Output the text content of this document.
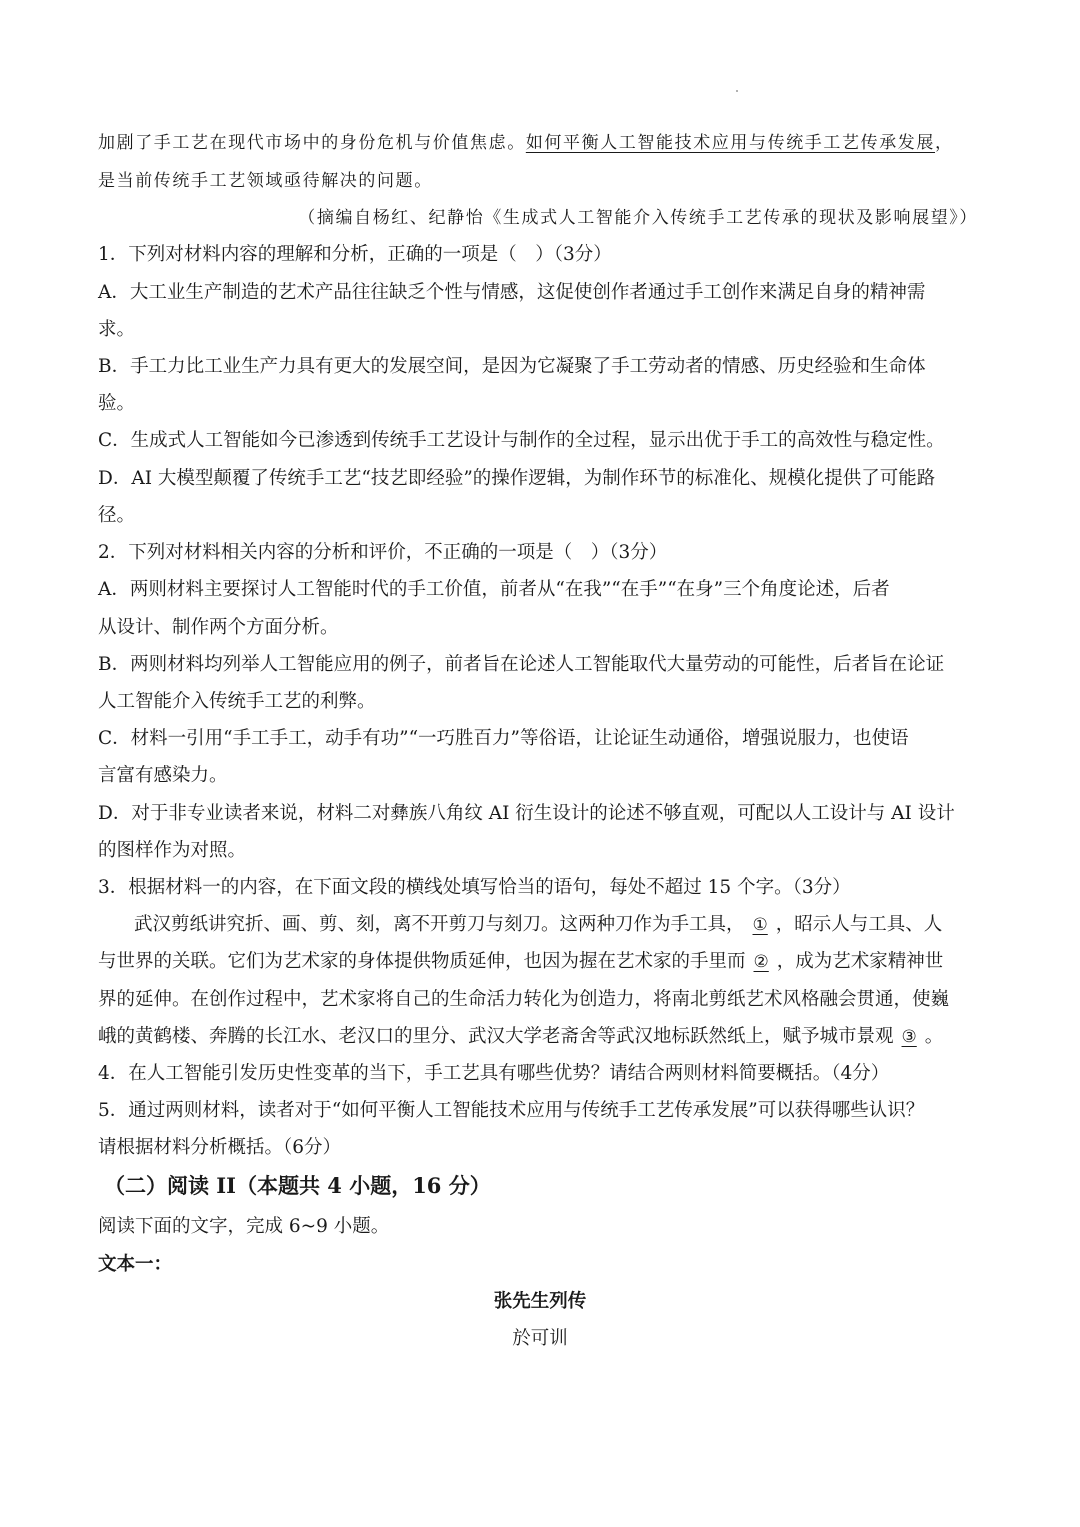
加剧了手工艺在现代市场中的身份危机与价值焦虑。如何平衡人工智能技术应用与传统手工艺传承发展，
是当前传统手工艺领域亟待解决的问题。
（摘编自杨红、纪静怡《生成式人工智能介入传统手工艺传承的现状及影响展望》）
1．下列对材料内容的理解和分析，正确的一项是（　）（3分）
A．大工业生产制造的艺术产品往往缺乏个性与情感，这促使创作者通过手工创作来满足自身的精神需
求。
B．手工力比工业生产力具有更大的发展空间，是因为它凝聚了手工劳动者的情感、历史经验和生命体
验。
C．生成式人工智能如今已渗透到传统手工艺设计与制作的全过程，显示出优于手工的高效性与稳定性。
D．AI 大模型颠覆了传统手工艺“技艺即经验”的操作逻辑，为制作环节的标准化、规模化提供了可能路
径。
2．下列对材料相关内容的分析和评价，不正确的一项是（　）（3分）
A．两则材料主要探讨人工智能时代的手工价值，前者从“在我”“在手”“在身”三个角度论述，后者
从设计、制作两个方面分析。
B．两则材料均列举人工智能应用的例子，前者旨在论述人工智能取代大量劳动的可能性，后者旨在论证
人工智能介入传统手工艺的利弊。
C．材料一引用“手工手工，动手有功”“一巧胜百力”等俗语，让论证生动通俗，增强说服力，也使语
言富有感染力。
D．对于非专业读者来说，材料二对彝族八角纹 AI 衍生设计的论述不够直观，可配以人工设计与 AI 设计
的图样作为对照。
3．根据材料一的内容，在下面文段的横线处填写恰当的语句，每处不超过 15 个字。（3分）
武汉剪纸讲究折、画、剪、刻，离不开剪刀与刻刀。这两种刀作为手工具， ① ，昭示人与工具、人
与世界的关联。它们为艺术家的身体提供物质延伸，也因为握在艺术家的手里而 ② ，成为艺术家精神世
界的延伸。在创作过程中，艺术家将自己的生命活力转化为创造力，将南北剪纸艺术风格融会贯通，使巍
峨的黄鹤楼、奔腾的长江水、老汉口的里分、武汉大学老斋舍等武汉地标跃然纸上，赋予城市景观 ③ 。
4．在人工智能引发历史性变革的当下，手工艺具有哪些优势？请结合两则材料简要概括。（4分）
5．通过两则材料，读者对于“如何平衡人工智能技术应用与传统手工艺传承发展”可以获得哪些认识？
请根据材料分析概括。（6分）
（二）阅读 II（本题共 4 小题，16 分）
阅读下面的文字，完成 6~9 小题。
文本一：
张先生列传
於可训
